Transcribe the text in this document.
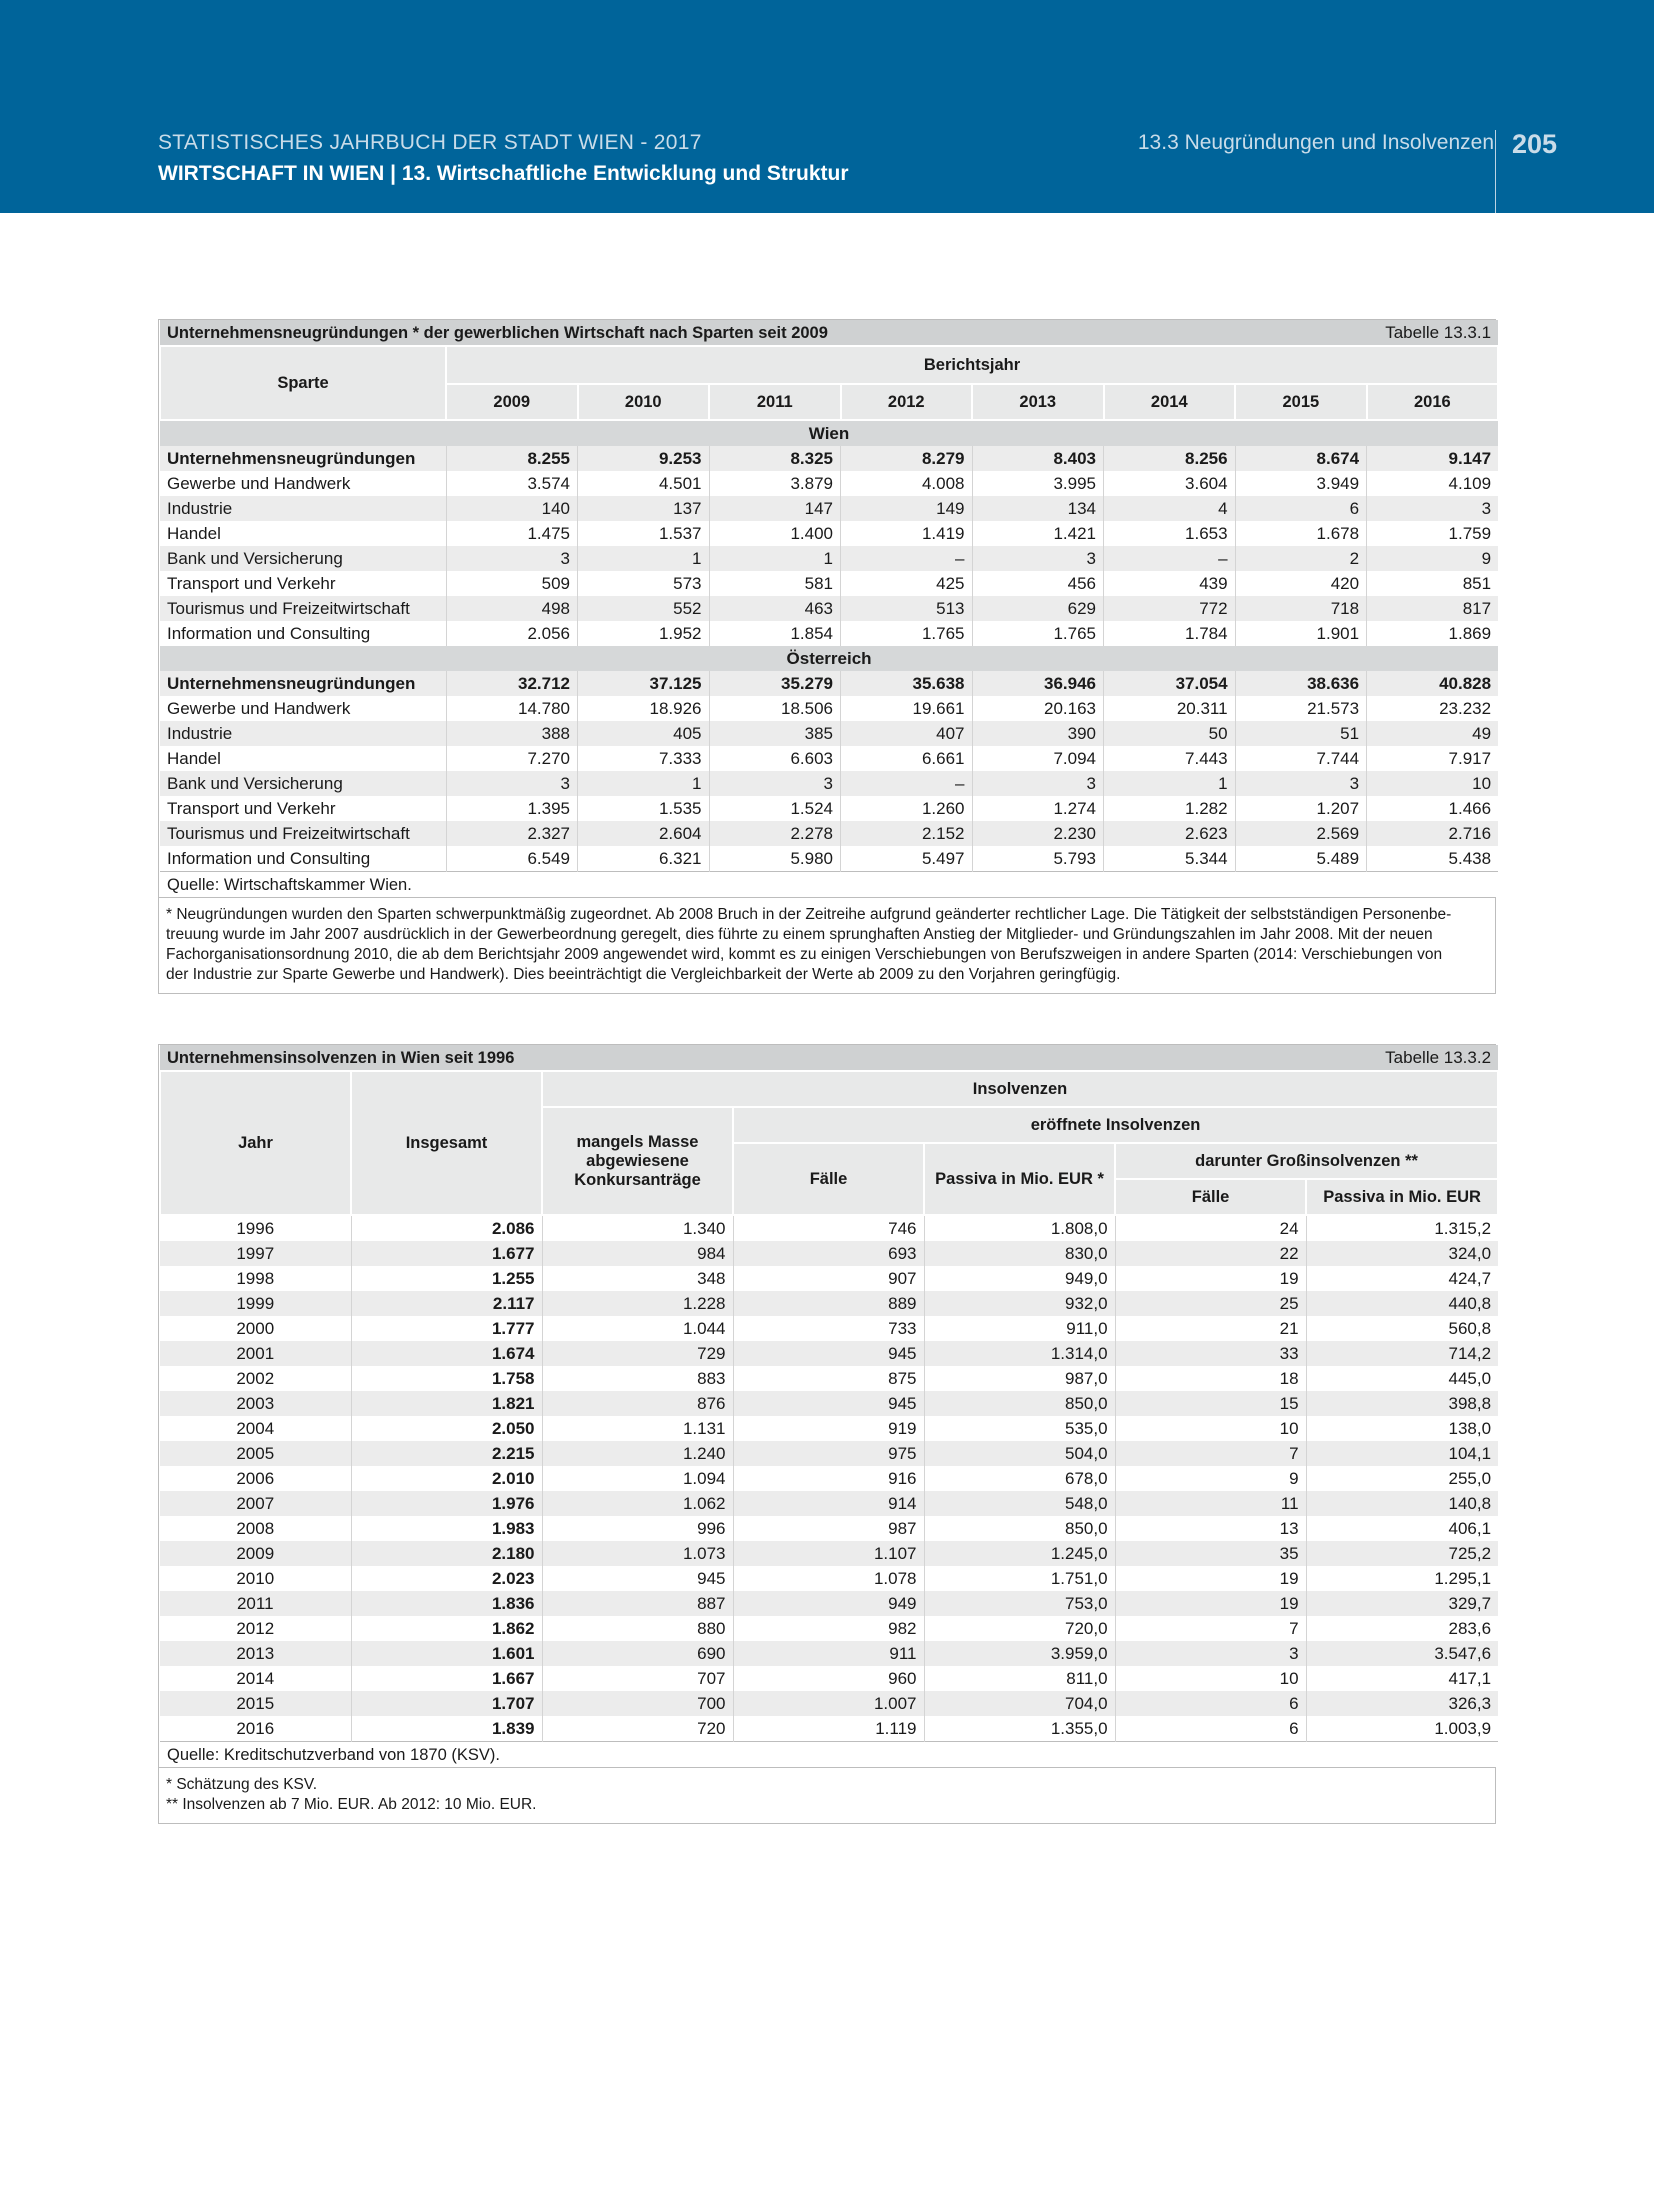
STATISTISCHES JAHRBUCH DER STADT WIEN - 2017
WIRTSCHAFT IN WIEN | 13. Wirtschaftliche Entwicklung und Struktur
13.3 Neugründungen und Insolvenzen 205
Unternehmensneugründungen * der gewerblichen Wirtschaft nach Sparten seit 2009							Tabelle 13.3.1	
Sparte	Berichtsjahr							
	2009	2010	2011	2012	2013	2014	2015	2016
Wien								
Unternehmensneugründungen	8.255	9.253	8.325	8.279	8.403	8.256	8.674	9.147
Gewerbe und Handwerk	3.574	4.501	3.879	4.008	3.995	3.604	3.949	4.109
Industrie	140	137	147	149	134	4	6	3
Handel	1.475	1.537	1.400	1.419	1.421	1.653	1.678	1.759
Bank und Versicherung	3	1	1	–	3	–	2	9
Transport und Verkehr	509	573	581	425	456	439	420	851
Tourismus und Freizeitwirtschaft	498	552	463	513	629	772	718	817
Information und Consulting	2.056	1.952	1.854	1.765	1.765	1.784	1.901	1.869
Österreich								
Unternehmensneugründungen	32.712	37.125	35.279	35.638	36.946	37.054	38.636	40.828
Gewerbe und Handwerk	14.780	18.926	18.506	19.661	20.163	20.311	21.573	23.232
Industrie	388	405	385	407	390	50	51	49
Handel	7.270	7.333	6.603	6.661	7.094	7.443	7.744	7.917
Bank und Versicherung	3	1	3	–	3	1	3	10
Transport und Verkehr	1.395	1.535	1.524	1.260	1.274	1.282	1.207	1.466
Tourismus und Freizeitwirtschaft	2.327	2.604	2.278	2.152	2.230	2.623	2.569	2.716
Information und Consulting	6.549	6.321	5.980	5.497	5.793	5.344	5.489	5.438
Quelle: Wirtschaftskammer Wien.								
* Neugründungen wurden den Sparten schwerpunktmäßig zugeordnet. Ab 2008 Bruch in der Zeitreihe aufgrund geänderter rechtlicher Lage. Die Tätigkeit der selbstständigen Personenbe-
treuung wurde im Jahr 2007 ausdrücklich in der Gewerbeordnung geregelt, dies führte zu einem sprunghaften Anstieg der Mitglieder- und Gründungszahlen im Jahr 2008. Mit der neuen
Fachorganisationsordnung 2010, die ab dem Berichtsjahr 2009 angewendet wird, kommt es zu einigen Verschiebungen von Berufszweigen in andere Sparten (2014: Verschiebungen von
der Industrie zur Sparte Gewerbe und Handwerk). Dies beeinträchtigt die Vergleichbarkeit der Werte ab 2009 zu den Vorjahren geringfügig.
Unternehmensinsolvenzen in Wien seit 1996					Tabelle 13.3.2	
Jahr	Insgesamt	Insolvenzen				
		mangels Masse
abgewiesene
Konkursanträge	eröffnete Insolvenzen			
			Fälle	Passiva in Mio. EUR *	darunter Großinsolvenzen **	
					Fälle	Passiva in Mio. EUR
1996	2.086	1.340	746	1.808,0	24	1.315,2
1997	1.677	984	693	830,0	22	324,0
1998	1.255	348	907	949,0	19	424,7
1999	2.117	1.228	889	932,0	25	440,8
2000	1.777	1.044	733	911,0	21	560,8
2001	1.674	729	945	1.314,0	33	714,2
2002	1.758	883	875	987,0	18	445,0
2003	1.821	876	945	850,0	15	398,8
2004	2.050	1.131	919	535,0	10	138,0
2005	2.215	1.240	975	504,0	7	104,1
2006	2.010	1.094	916	678,0	9	255,0
2007	1.976	1.062	914	548,0	11	140,8
2008	1.983	996	987	850,0	13	406,1
2009	2.180	1.073	1.107	1.245,0	35	725,2
2010	2.023	945	1.078	1.751,0	19	1.295,1
2011	1.836	887	949	753,0	19	329,7
2012	1.862	880	982	720,0	7	283,6
2013	1.601	690	911	3.959,0	3	3.547,6
2014	1.667	707	960	811,0	10	417,1
2015	1.707	700	1.007	704,0	6	326,3
2016	1.839	720	1.119	1.355,0	6	1.003,9
Quelle: Kreditschutzverband von 1870 (KSV).						
* Schätzung des KSV.
** Insolvenzen ab 7 Mio. EUR. Ab 2012: 10 Mio. EUR.
